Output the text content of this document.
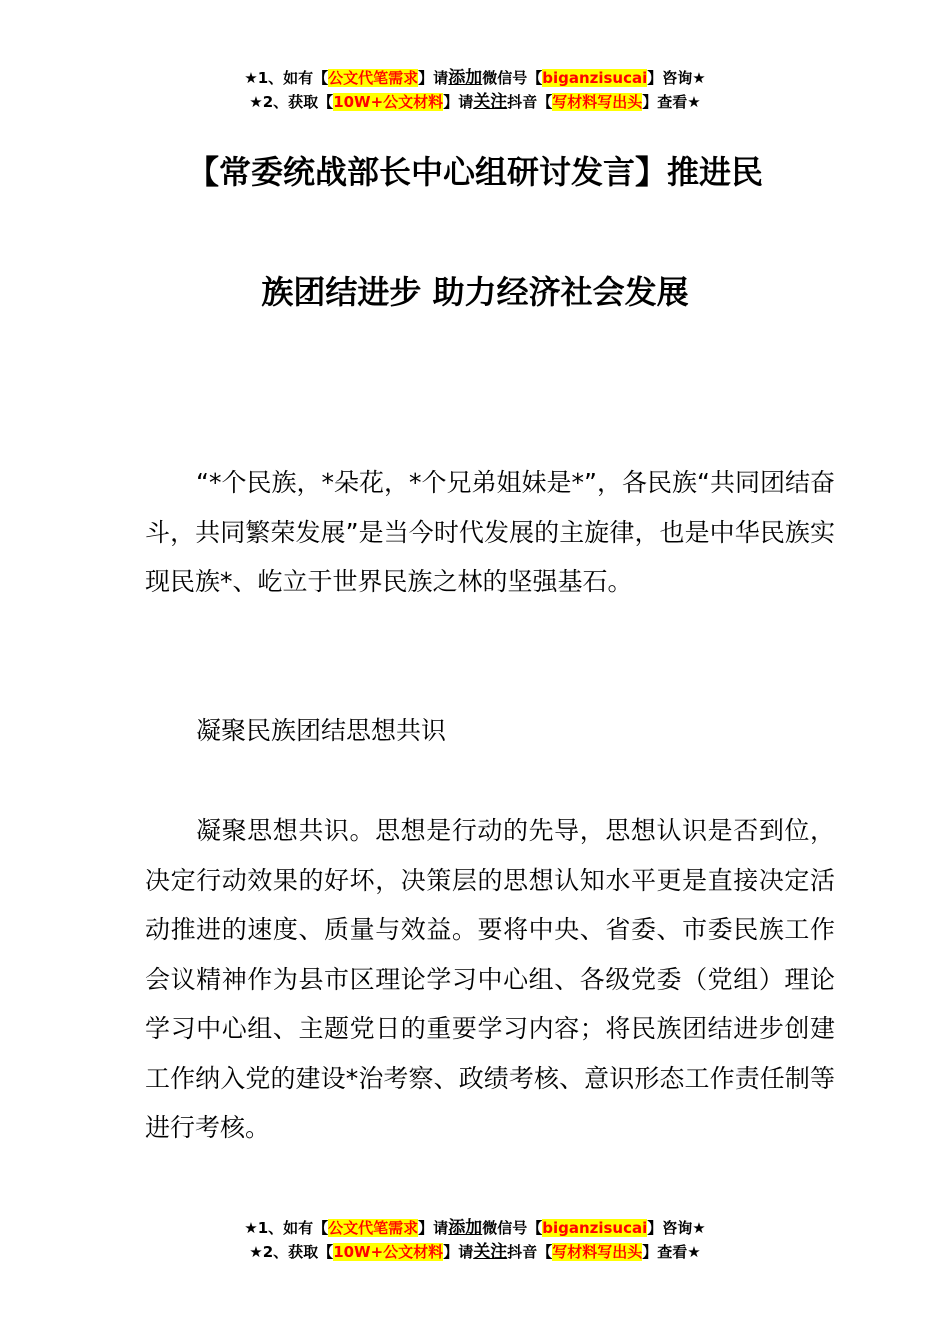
★1、如有【公文代笔需求】请添加微信号【biganzisucai】咨询★
★2、获取【10W+公文材料】请关注抖音【写材料写出头】查看★
【常委统战部长中心组研讨发言】推进民
族团结进步 助力经济社会发展

“*个民族，*朵花，*个兄弟姐妹是*”，各民族“共同团结奋斗，共同繁荣发展”是当今时代发展的主旋律，也是中华民族实现民族*、屹立于世界民族之林的坚强基石。

凝聚民族团结思想共识

凝聚思想共识。思想是行动的先导，思想认识是否到位，决定行动效果的好坏，决策层的思想认知水平更是直接决定活动推进的速度、质量与效益。要将中央、省委、市委民族工作会议精神作为县市区理论学习中心组、各级党委（党组）理论学习中心组、主题党日的重要学习内容；将民族团结进步创建工作纳入党的建设*治考察、政绩考核、意识形态工作责任制等进行考核。

★1、如有【公文代笔需求】请添加微信号【biganzisucai】咨询★
★2、获取【10W+公文材料】请关注抖音【写材料写出头】查看★
